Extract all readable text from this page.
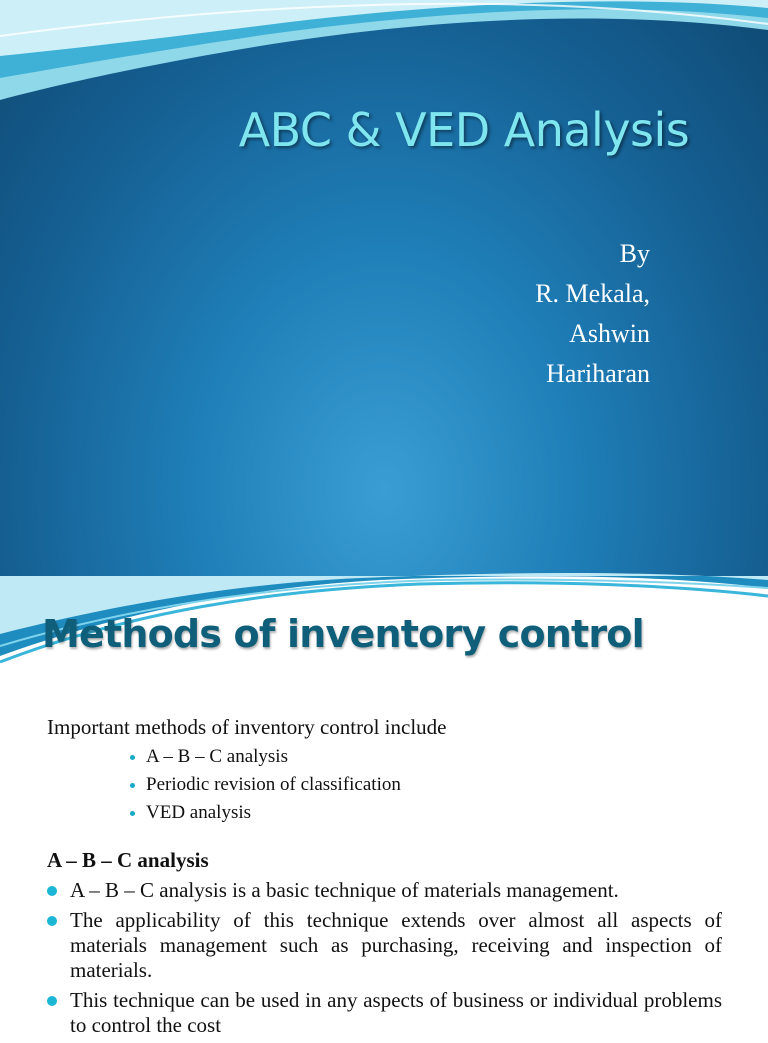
ABC & VED Analysis
By
R. Mekala,
Ashwin
Hariharan
Methods of inventory control
Important methods of inventory control include
A – B – C analysis
Periodic revision of classification
VED analysis
A – B – C analysis
A – B – C analysis is a basic technique of materials management.
The applicability of this technique extends over almost all aspects of materials management such as purchasing, receiving and inspection of materials.
This technique can be used in any aspects of business or individual problems to control the cost
